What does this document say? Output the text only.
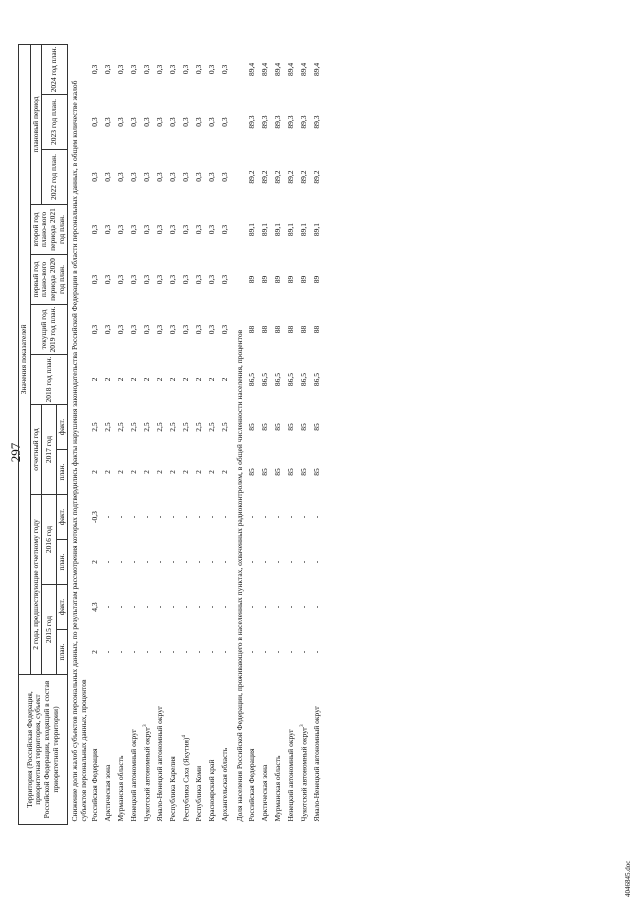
297
Территория (Российская Федерация, приоритетная территория, субъект Российской Федерации, входящий в состав приоритетной территории)	Значения показателей												
	2 года, предшествующие отчетному году				отчетный год		2018 год план.	текущий год 2019 год план.	первый год плано-вого периода 2020 год план.	второй год плано-вого периода 2021 год план.	плановый период		
	2015 год		2016 год		2017 год						2022 год план.	2023 год план.	2024 год план.
	план.	факт.	план.	факт.	план.	факт.							
Снижение доли жалоб субъектов персональных данных, по результатам рассмотрения которых подтвердились факты нарушения законодательства Российской Федерации в области персональных данных, в общем количестве жалоб субъектов персональных данных, процентов													
Российская Федерация	2	4,3	2	-0,3	2	2,5	2	0,3	0,3	0,3	0,3	0,3	0,3
Арктическая зона	-	-	-	-	2	2,5	2	0,3	0,3	0,3	0,3	0,3	0,3
Мурманская область	-	-	-	-	2	2,5	2	0,3	0,3	0,3	0,3	0,3	0,3
Ненецкий автономный округ	-	-	-	-	2	2,5	2	0,3	0,3	0,3	0,3	0,3	0,3
Чукотский автономный округ$^3$	-	-	-	-	2	2,5	2	0,3	0,3	0,3	0,3	0,3	0,3
Ямало-Ненецкий автономный округ	-	-	-	-	2	2,5	2	0,3	0,3	0,3	0,3	0,3	0,3
Республика Карелия	-	-	-	-	2	2,5	2	0,3	0,3	0,3	0,3	0,3	0,3
Республика Саха (Якутия)$^4$	-	-	-	-	2	2,5	2	0,3	0,3	0,3	0,3	0,3	0,3
Республика Коми	-	-	-	-	2	2,5	2	0,3	0,3	0,3	0,3	0,3	0,3
Красноярский край	-	-	-	-	2	2,5	2	0,3	0,3	0,3	0,3	0,3	0,3
Архангельская область	-	-	-	-	2	2,5	2	0,3	0,3	0,3	0,3	0,3	0,3
Доля населения Российской Федерации, проживающего в населенных пунктах, охваченных радиоконтролем, в общей численности населения, процентов													
Российская Федерация	-	-	-	-	85	85	86,5	88	89	89,1	89,2	89,3	89,4
Арктическая зона	-	-	-	-	85	85	86,5	88	89	89,1	89,2	89,3	89,4
Мурманская область	-	-	-	-	85	85	86,5	88	89	89,1	89,2	89,3	89,4
Ненецкий автономный округ	-	-	-	-	85	85	86,5	88	89	89,1	89,2	89,3	89,4
Чукотский автономный округ$^3$	-	-	-	-	85	85	86,5	88	89	89,1	89,2	89,3	89,4
Ямало-Ненецкий автономный округ	-	-	-	-	85	85	86,5	88	89	89,1	89,2	89,3	89,4
4046845.doc
